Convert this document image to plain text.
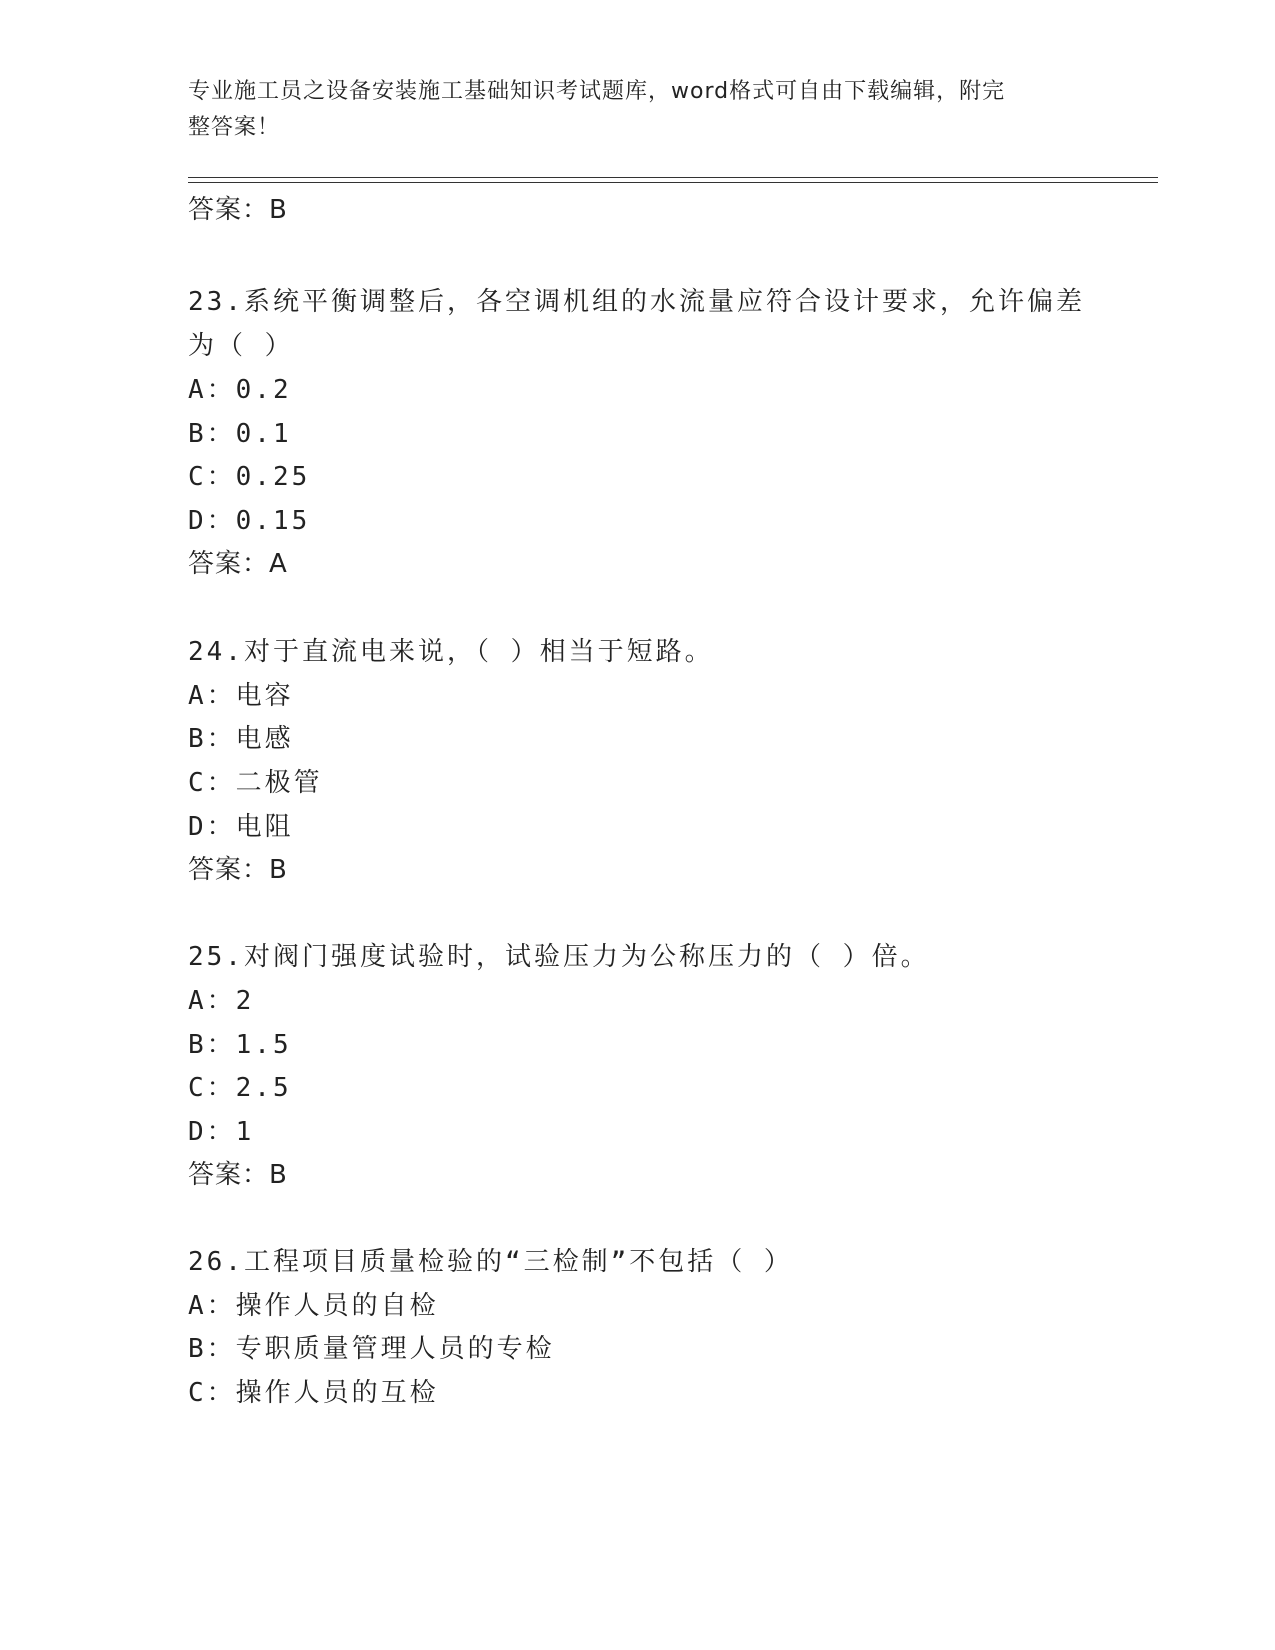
专业施工员之设备安装施工基础知识考试题库，word格式可自由下载编辑，附完
整答案！
答案：B
23.系统平衡调整后，各空调机组的水流量应符合设计要求，允许偏差
为（ ）
A：0.2
B：0.1
C：0.25
D：0.15
答案：A
24.对于直流电来说，（ ）相当于短路。
A：电容
B：电感
C：二极管
D：电阻
答案：B
25.对阀门强度试验时，试验压力为公称压力的（ ）倍。
A：2
B：1.5
C：2.5
D：1
答案：B
26.工程项目质量检验的“三检制”不包括（ ）
A：操作人员的自检
B：专职质量管理人员的专检
C：操作人员的互检
